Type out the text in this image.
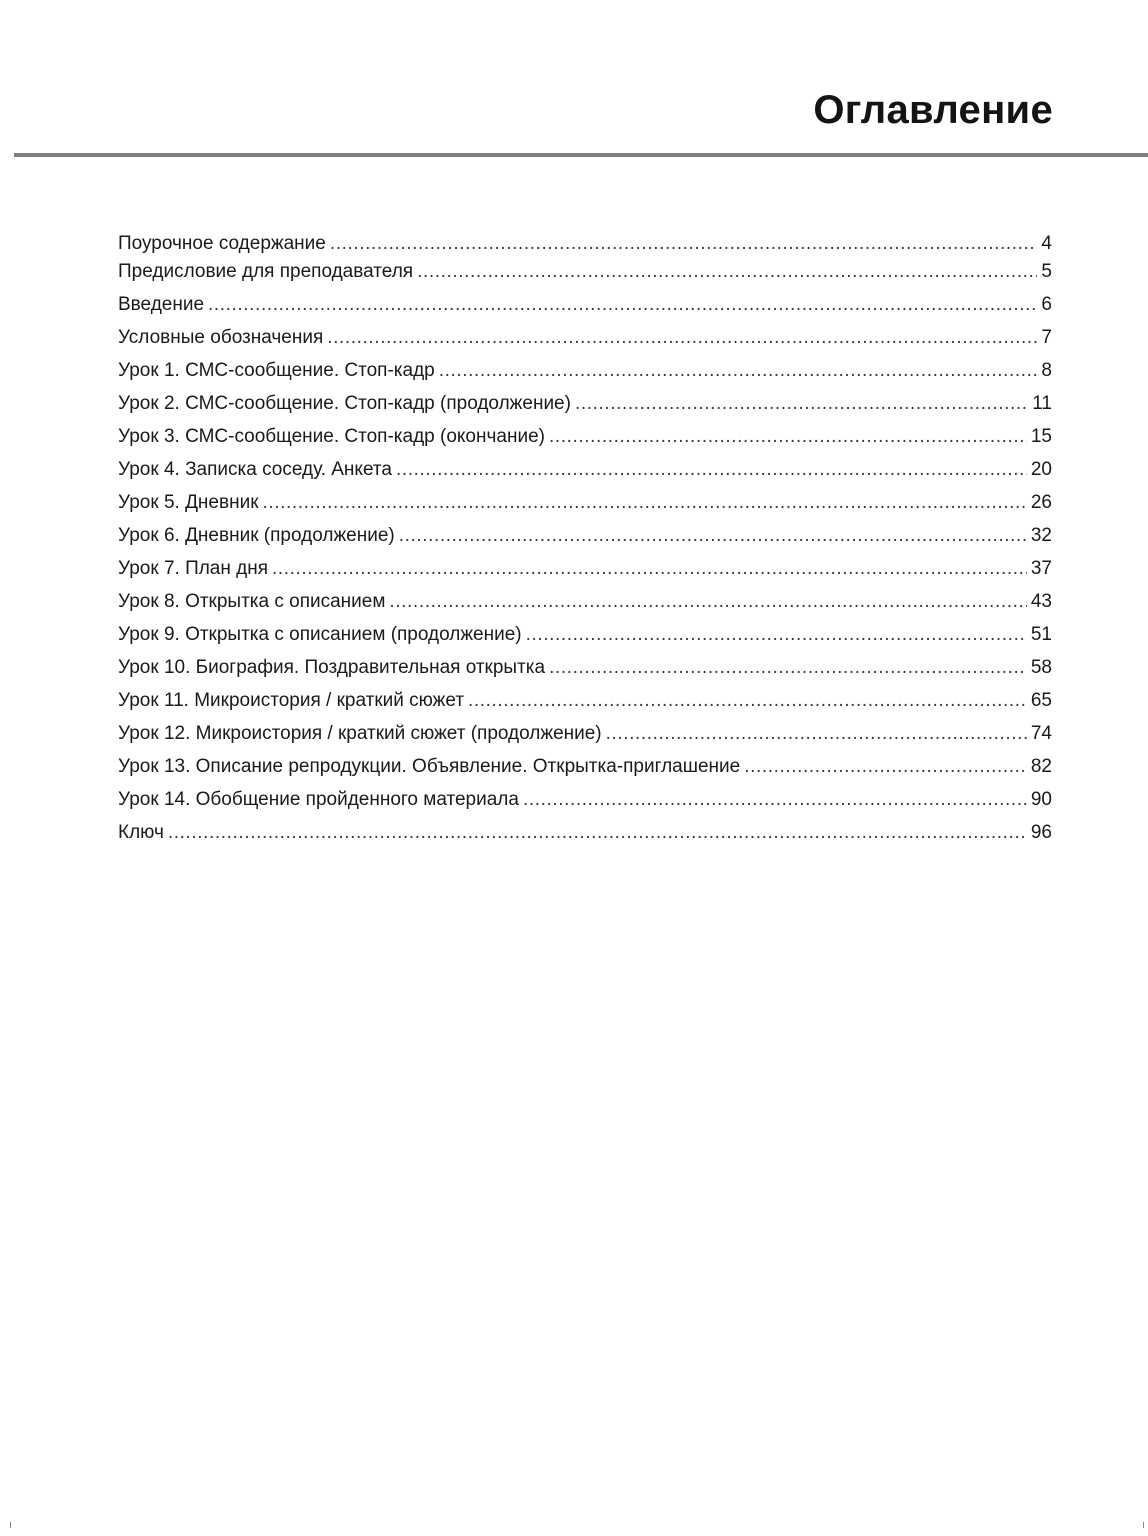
Оглавление
Поурочное содержание .....	4
Предисловие для преподавателя .....	5
Введение .....	6
Условные обозначения .....	7
Урок 1. СМС-сообщение. Стоп-кадр .....	8
Урок 2. СМС-сообщение. Стоп-кадр (продолжение) .....	11
Урок 3. СМС-сообщение. Стоп-кадр (окончание) .....	15
Урок 4. Записка соседу. Анкета .....	20
Урок 5. Дневник .....	26
Урок 6. Дневник (продолжение) .....	32
Урок 7. План дня .....	37
Урок 8. Открытка с описанием .....	43
Урок 9. Открытка с описанием (продолжение) .....	51
Урок 10. Биография. Поздравительная открытка .....	58
Урок 11. Микроистория / краткий сюжет .....	65
Урок 12. Микроистория / краткий сюжет (продолжение) .....	74
Урок 13. Описание репродукции. Объявление. Открытка-приглашение .....	82
Урок 14. Обобщение пройденного материала .....	90
Ключ .....	96
